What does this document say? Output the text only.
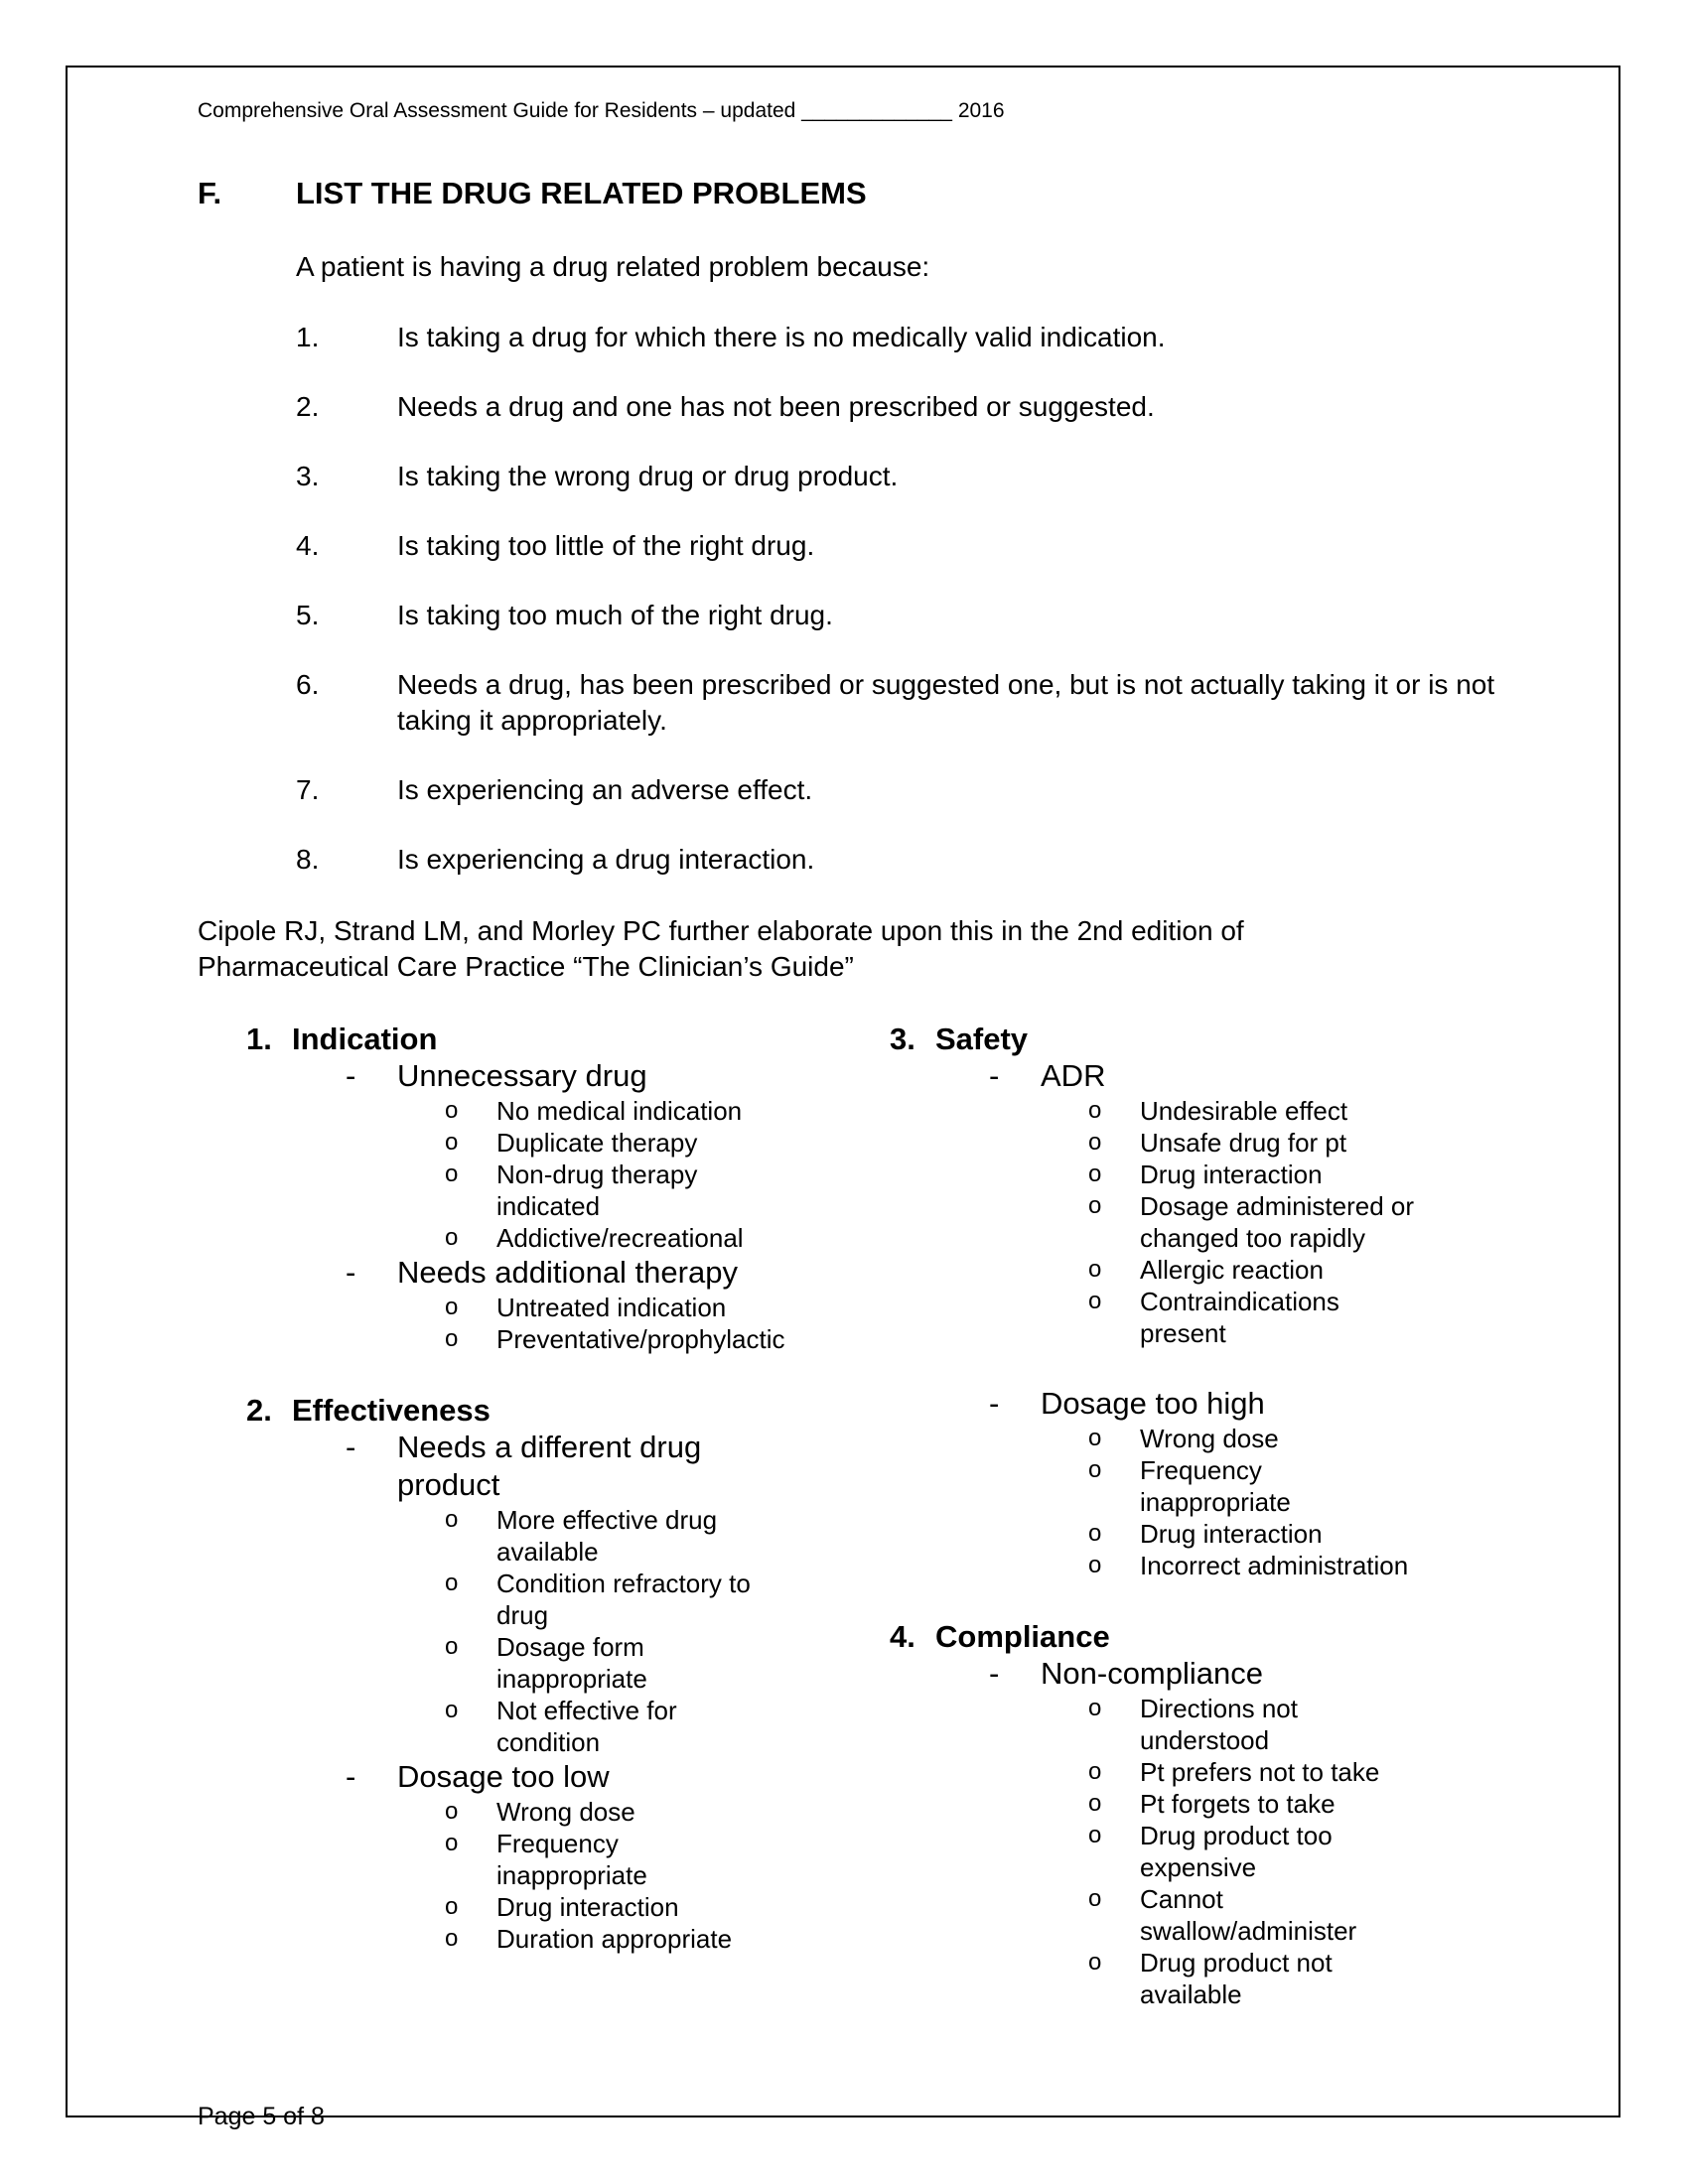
Comprehensive Oral Assessment Guide for Residents – updated _____________ 2016
F. LIST THE DRUG RELATED PROBLEMS
A patient is having a drug related problem because:
1.	Is taking a drug for which there is no medically valid indication.
2.	Needs a drug and one has not been prescribed or suggested.
3.	Is taking the wrong drug or drug product.
4.	Is taking too little of the right drug.
5.	Is taking too much of the right drug.
6.	Needs a drug, has been prescribed or suggested one, but is not actually taking it or is not taking it appropriately.
7.	Is experiencing an adverse effect.
8.	Is experiencing a drug interaction.
Cipole RJ, Strand LM, and Morley PC further elaborate upon this in the 2nd edition of Pharmaceutical Care Practice “The Clinician’s Guide”
1. Indication
- Unnecessary drug
o No medical indication
o Duplicate therapy
o Non-drug therapy indicated
o Addictive/recreational
- Needs additional therapy
o Untreated indication
o Preventative/prophylactic
2. Effectiveness
- Needs a different drug product
o More effective drug available
o Condition refractory to drug
o Dosage form inappropriate
o Not effective for condition
- Dosage too low
o Wrong dose
o Frequency inappropriate
o Drug interaction
o Duration appropriate
3. Safety
- ADR
o Undesirable effect
o Unsafe drug for pt
o Drug interaction
o Dosage administered or changed too rapidly
o Allergic reaction
o Contraindications present
- Dosage too high
o Wrong dose
o Frequency inappropriate
o Drug interaction
o Incorrect administration
4. Compliance
- Non-compliance
o Directions not understood
o Pt prefers not to take
o Pt forgets to take
o Drug product too expensive
o Cannot swallow/administer
o Drug product not available
Page 5 of 8
